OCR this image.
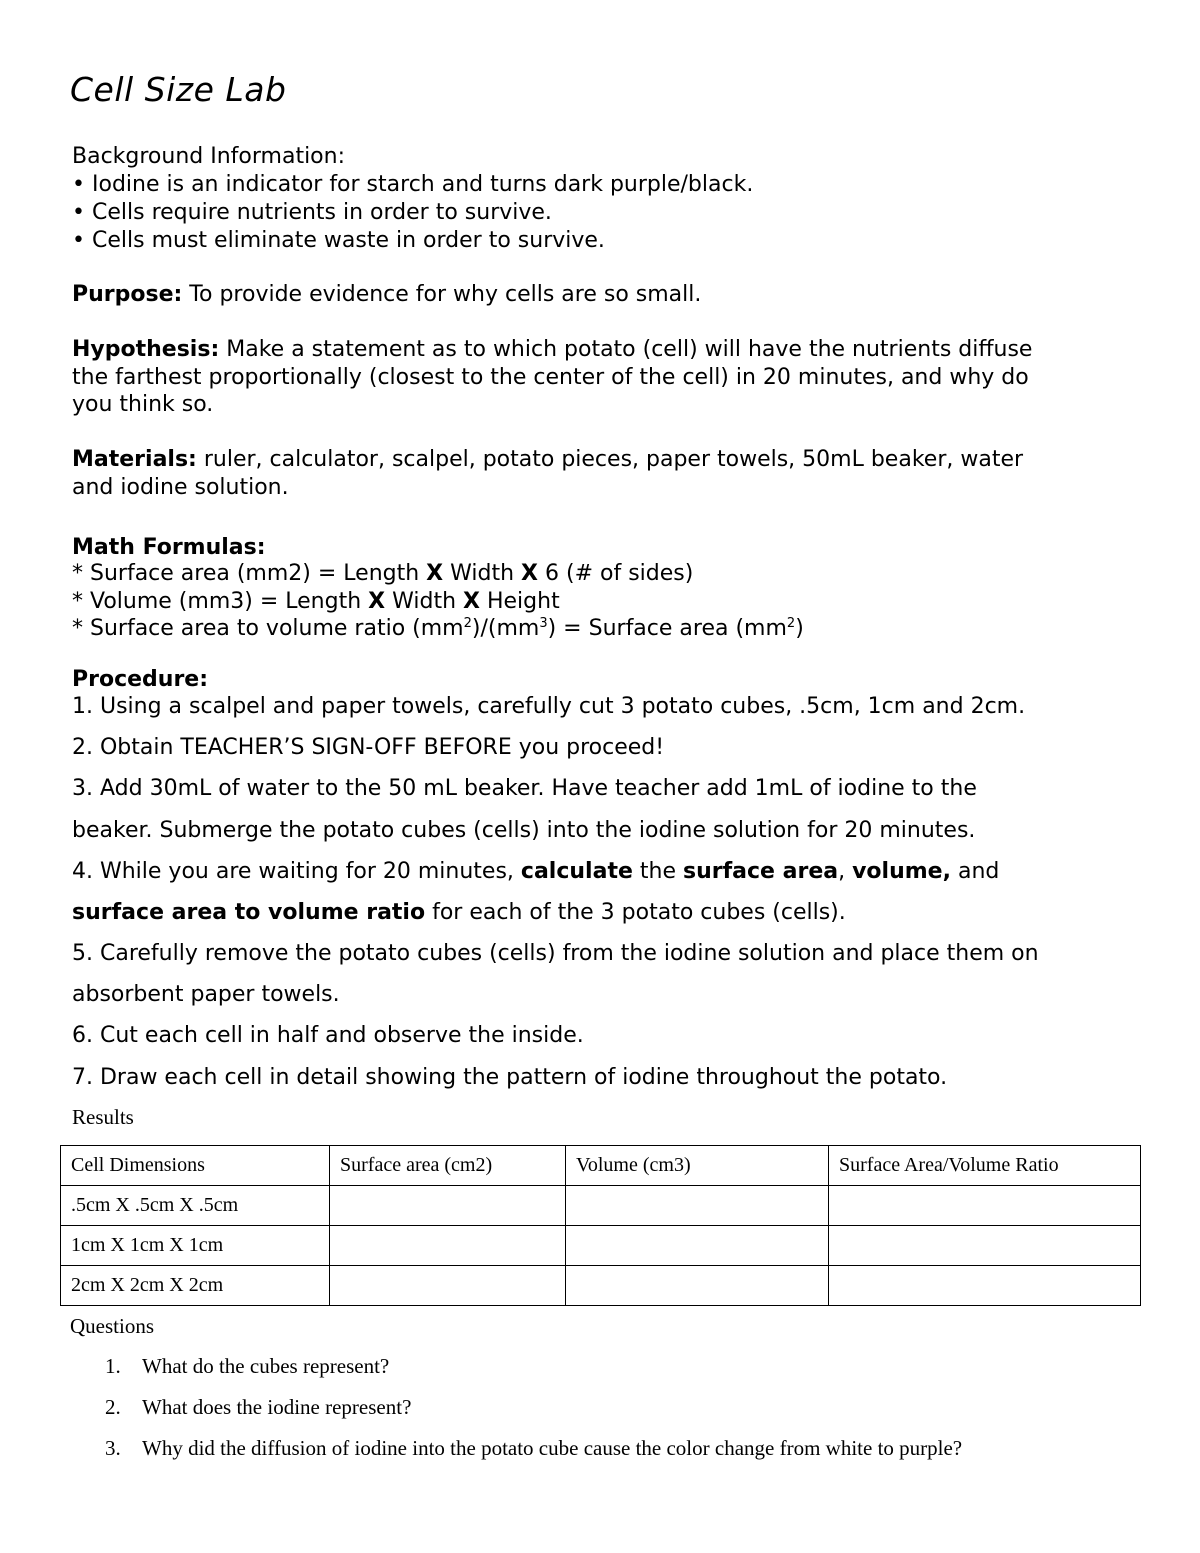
Cell Size Lab
Background Information:
• Iodine is an indicator for starch and turns dark purple/black.
• Cells require nutrients in order to survive.
• Cells must eliminate waste in order to survive.
Purpose: To provide evidence for why cells are so small.
Hypothesis: Make a statement as to which potato (cell) will have the nutrients diffuse
the farthest proportionally (closest to the center of the cell) in 20 minutes, and why do
you think so.
Materials: ruler, calculator, scalpel, potato pieces, paper towels, 50mL beaker, water
and iodine solution.
Math Formulas:
* Surface area (mm2) = Length X Width X 6 (# of sides)
* Volume (mm3) = Length X Width X Height
* Surface area to volume ratio $(mm^2)/(mm^3)$ = Surface area $(mm^2)$
Procedure:
1. Using a scalpel and paper towels, carefully cut 3 potato cubes, .5cm, 1cm and 2cm.
2. Obtain TEACHER’S SIGN-OFF BEFORE you proceed!
3. Add 30mL of water to the 50 mL beaker. Have teacher add 1mL of iodine to the
beaker. Submerge the potato cubes (cells) into the iodine solution for 20 minutes.
4. While you are waiting for 20 minutes, calculate the surface area, volume, and
surface area to volume ratio for each of the 3 potato cubes (cells).
5. Carefully remove the potato cubes (cells) from the iodine solution and place them on
absorbent paper towels.
6. Cut each cell in half and observe the inside.
7. Draw each cell in detail showing the pattern of iodine throughout the potato.
Results
Cell Dimensions	Surface area (cm2)	Volume (cm3)	Surface Area/Volume Ratio
.5cm X .5cm X .5cm			
1cm X 1cm X 1cm			
2cm X 2cm X 2cm			
Questions
1. What do the cubes represent?
2. What does the iodine represent?
3. Why did the diffusion of iodine into the potato cube cause the color change from white to purple?
